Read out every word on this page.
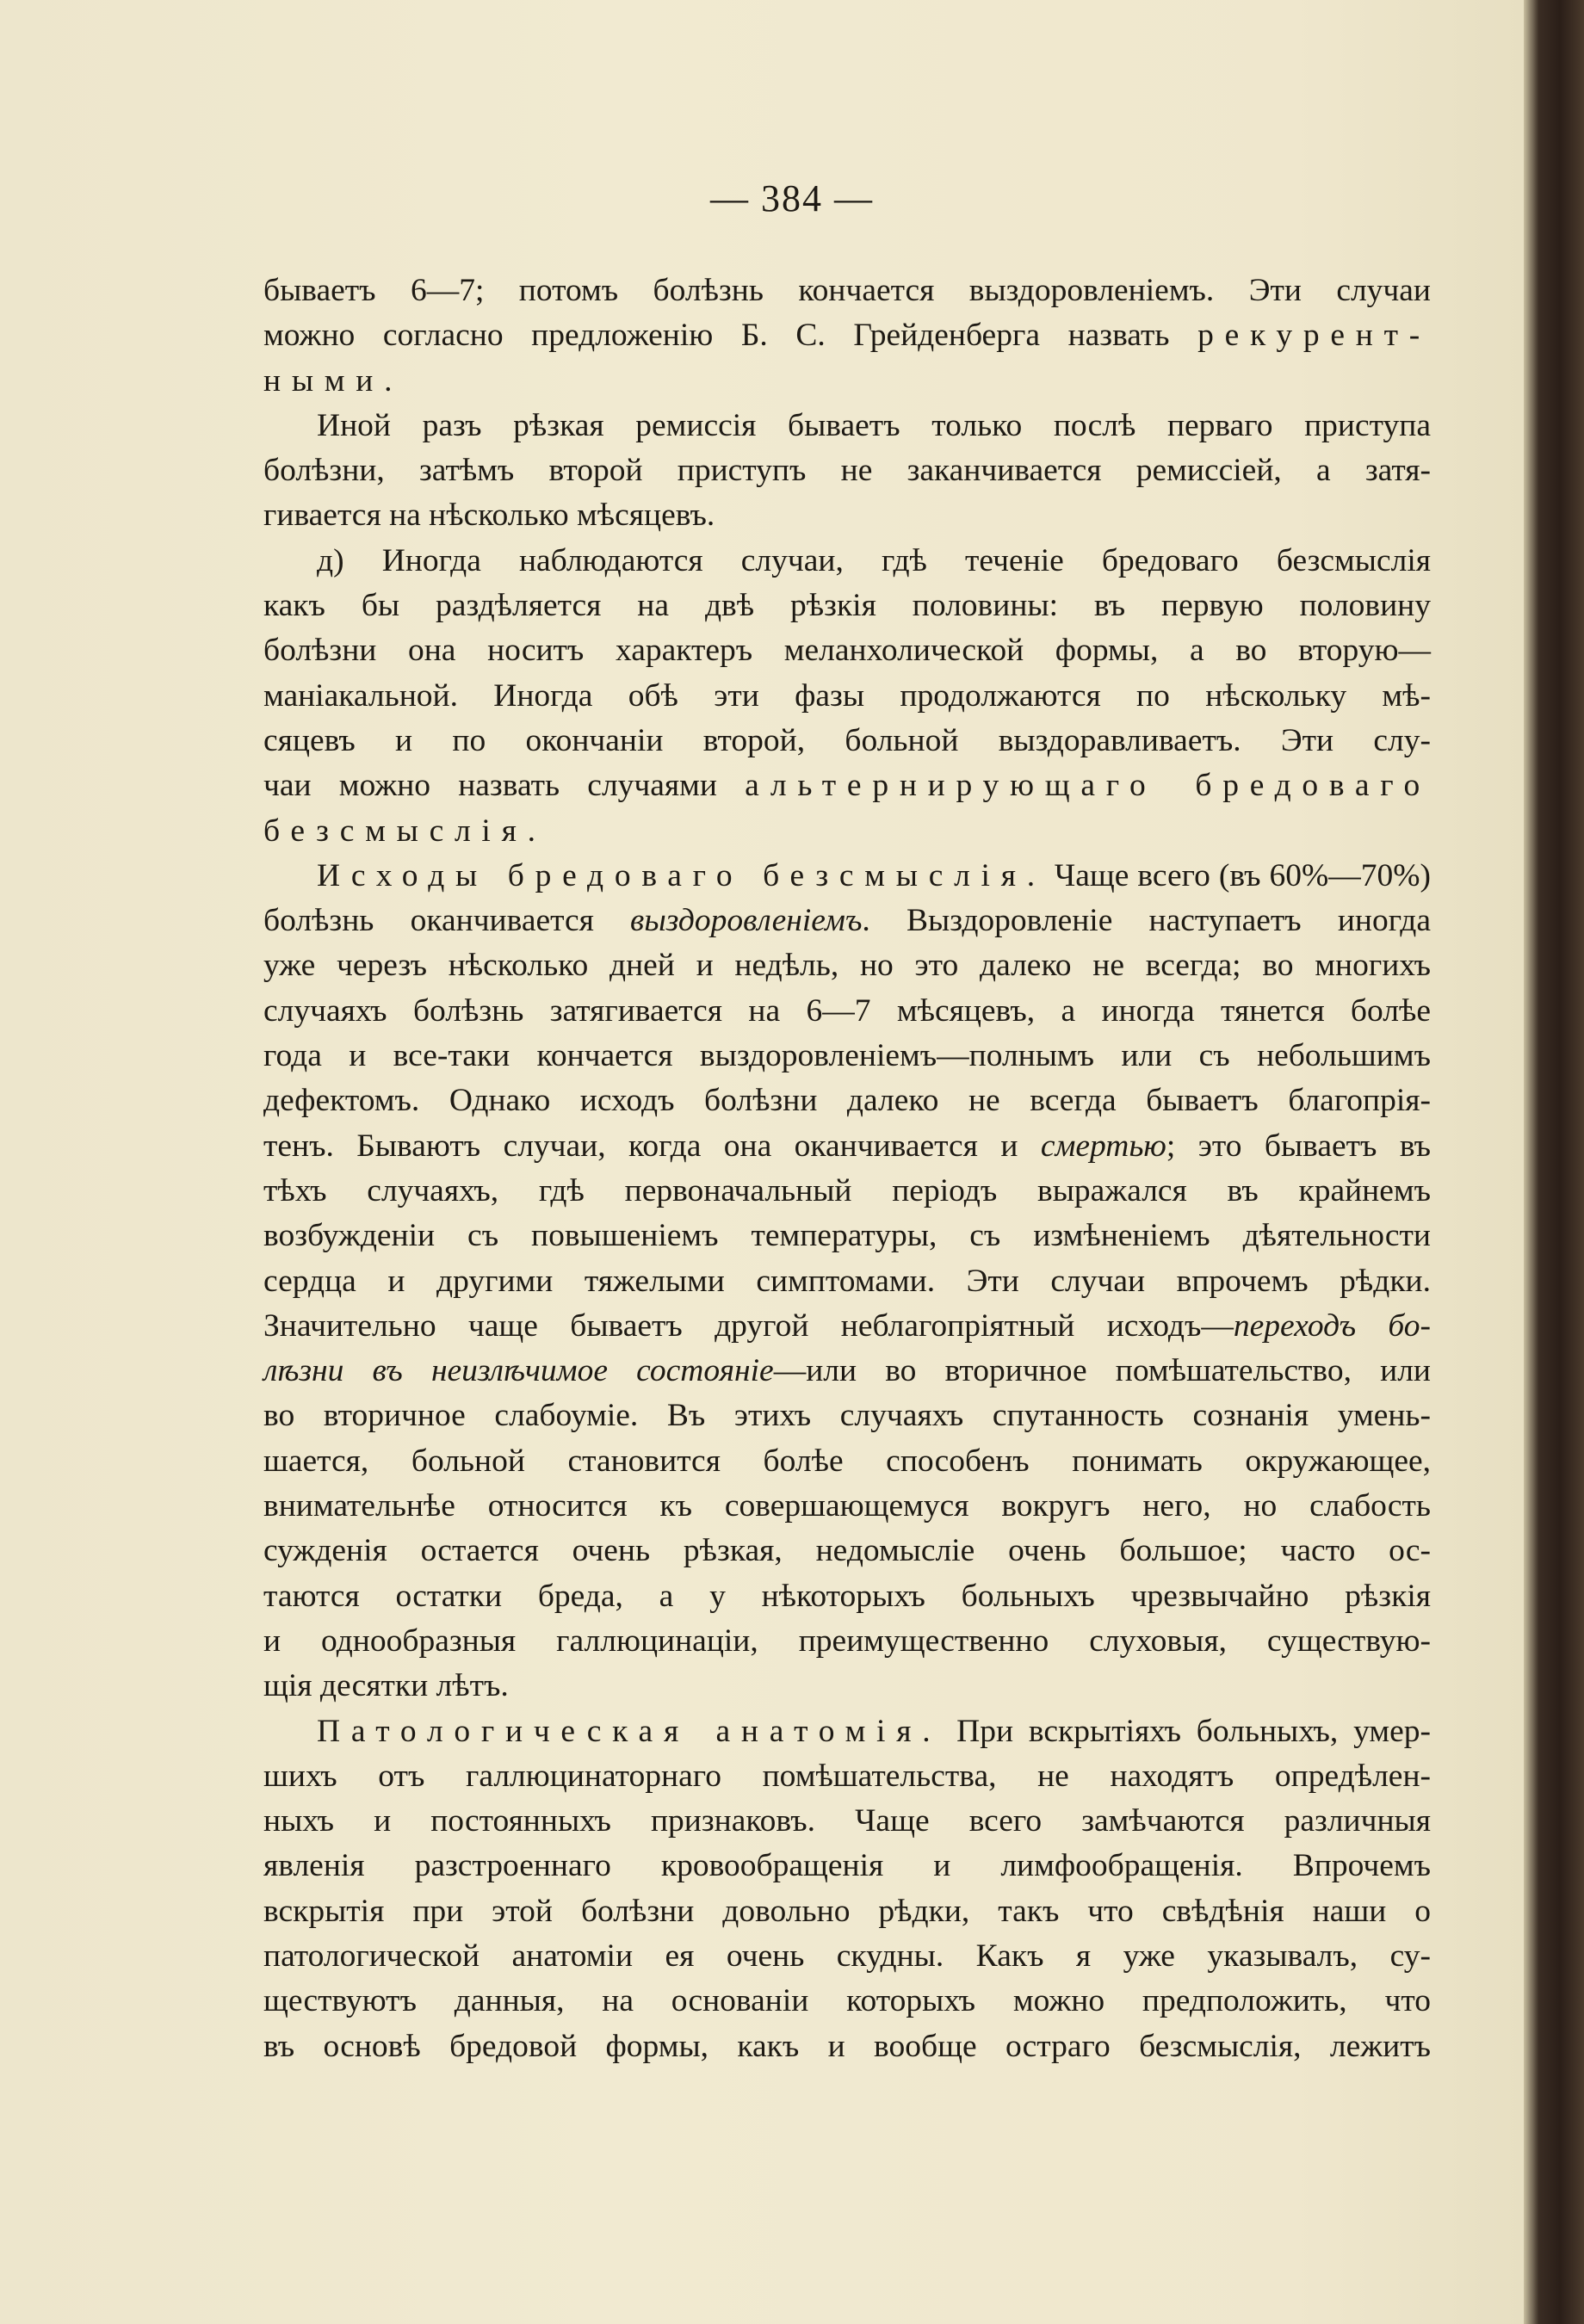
— 384 —
бываетъ 6—7; потомъ болѣзнь кончается выздоровленіемъ. Эти случаи
можно согласно предложенію Б. С. Грейденберга назвать рекурент-
ными.
Иной разъ рѣзкая ремиссія бываетъ только послѣ перваго приступа
болѣзни, затѣмъ второй приступъ не заканчивается ремиссіей, а затя-
гивается на нѣсколько мѣсяцевъ.
д) Иногда наблюдаются случаи, гдѣ теченіе бредоваго безсмыслія
какъ бы раздѣляется на двѣ рѣзкія половины: въ первую половину
болѣзни она носитъ характеръ меланхолической формы, а во вторую—
маніакальной. Иногда обѣ эти фазы продолжаются по нѣскольку мѣ-
сяцевъ и по окончаніи второй, больной выздоравливаетъ. Эти слу-
чаи можно назвать случаями альтернирующаго бредоваго
безсмыслія.
Исходы бредоваго безсмыслія. Чаще всего (въ 60%—70%)
болѣзнь оканчивается выздоровленіемъ. Выздоровленіе наступаетъ иногда
уже черезъ нѣсколько дней и недѣль, но это далеко не всегда; во многихъ
случаяхъ болѣзнь затягивается на 6—7 мѣсяцевъ, а иногда тянется болѣе
года и все-таки кончается выздоровленіемъ—полнымъ или съ небольшимъ
дефектомъ. Однако исходъ болѣзни далеко не всегда бываетъ благопрія-
тенъ. Бываютъ случаи, когда она оканчивается и смертью; это бываетъ въ
тѣхъ случаяхъ, гдѣ первоначальный періодъ выражался въ крайнемъ
возбужденіи съ повышеніемъ температуры, съ измѣненіемъ дѣятельности
сердца и другими тяжелыми симптомами. Эти случаи впрочемъ рѣдки.
Значительно чаще бываетъ другой неблагопріятный исходъ—переходъ бо-
лѣзни въ неизлѣчимое состояніе—или во вторичное помѣшательство, или
во вторичное слабоуміе. Въ этихъ случаяхъ спутанность сознанія умень-
шается, больной становится болѣе способенъ понимать окружающее,
внимательнѣе относится къ совершающемуся вокругъ него, но слабость
сужденія остается очень рѣзкая, недомысліе очень большое; часто ос-
таются остатки бреда, а у нѣкоторыхъ больныхъ чрезвычайно рѣзкія
и однообразныя галлюцинаціи, преимущественно слуховыя, существую-
щія десятки лѣтъ.
Патологическая анатомія. При вскрытіяхъ больныхъ, умер-
шихъ отъ галлюцинаторнаго помѣшательства, не находятъ опредѣлен-
ныхъ и постоянныхъ признаковъ. Чаще всего замѣчаются различныя
явленія разстроеннаго кровообращенія и лимфообращенія. Впрочемъ
вскрытія при этой болѣзни довольно рѣдки, такъ что свѣдѣнія наши о
патологической анатоміи ея очень скудны. Какъ я уже указывалъ, су-
ществуютъ данныя, на основаніи которыхъ можно предположить, что
въ основѣ бредовой формы, какъ и вообще остраго безсмыслія, лежитъ
